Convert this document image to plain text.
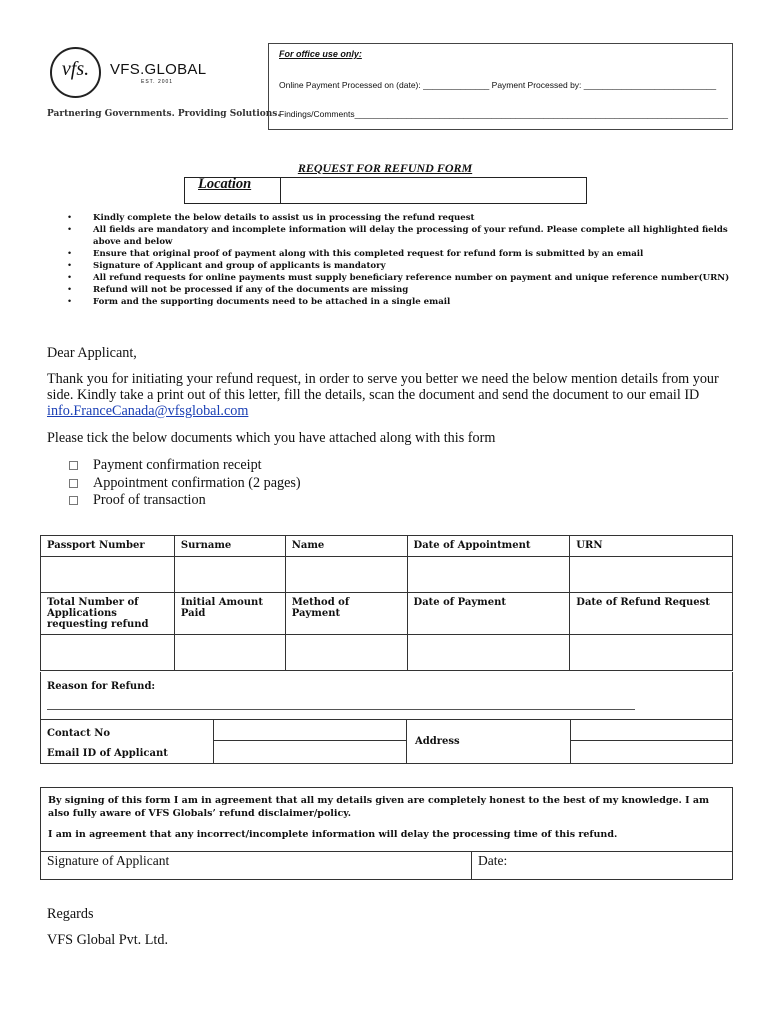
vfs.	VFS.GLOBAL
EST. 2001
Partnering Governments. Providing Solutions.
For office use only:
Online Payment Processed on (date): ______________ Payment Processed by: ____________________________
Findings/Comments_______________________________________________________________________________
REQUEST FOR REFUND FORM
Location
• Kindly complete the below details to assist us in processing the refund request
• All fields are mandatory and incomplete information will delay the processing of your refund. Please complete all highlighted fields above and below
• Ensure that original proof of payment along with this completed request for refund form is submitted by an email
• Signature of Applicant and group of applicants is mandatory
• All refund requests for online payments must supply beneficiary reference number on payment and unique reference number(URN)
• Refund will not be processed if any of the documents are missing
• Form and the supporting documents need to be attached in a single email
Dear Applicant,
Thank you for initiating your refund request, in order to serve you better we need the below mention details from your side. Kindly take a print out of this letter, fill the details, scan the document and send the document to our email ID info.FranceCanada@vfsglobal.com
Please tick the below documents which you have attached along with this form
Payment confirmation receipt
Appointment confirmation (2 pages)
Proof of transaction
Passport Number	Surname	Name	Date of Appointment	URN

Total Number of Applications requesting refund	Initial Amount Paid	Method of Payment	Date of Payment	Date of Refund Request

Reason for Refund:
Contact No
Email ID of Applicant
Address
By signing of this form I am in agreement that all my details given are completely honest to the best of my knowledge. I am also fully aware of VFS Globals’ refund disclaimer/policy.
I am in agreement that any incorrect/incomplete information will delay the processing time of this refund.
Signature of Applicant	Date:
Regards
VFS Global Pvt. Ltd.
